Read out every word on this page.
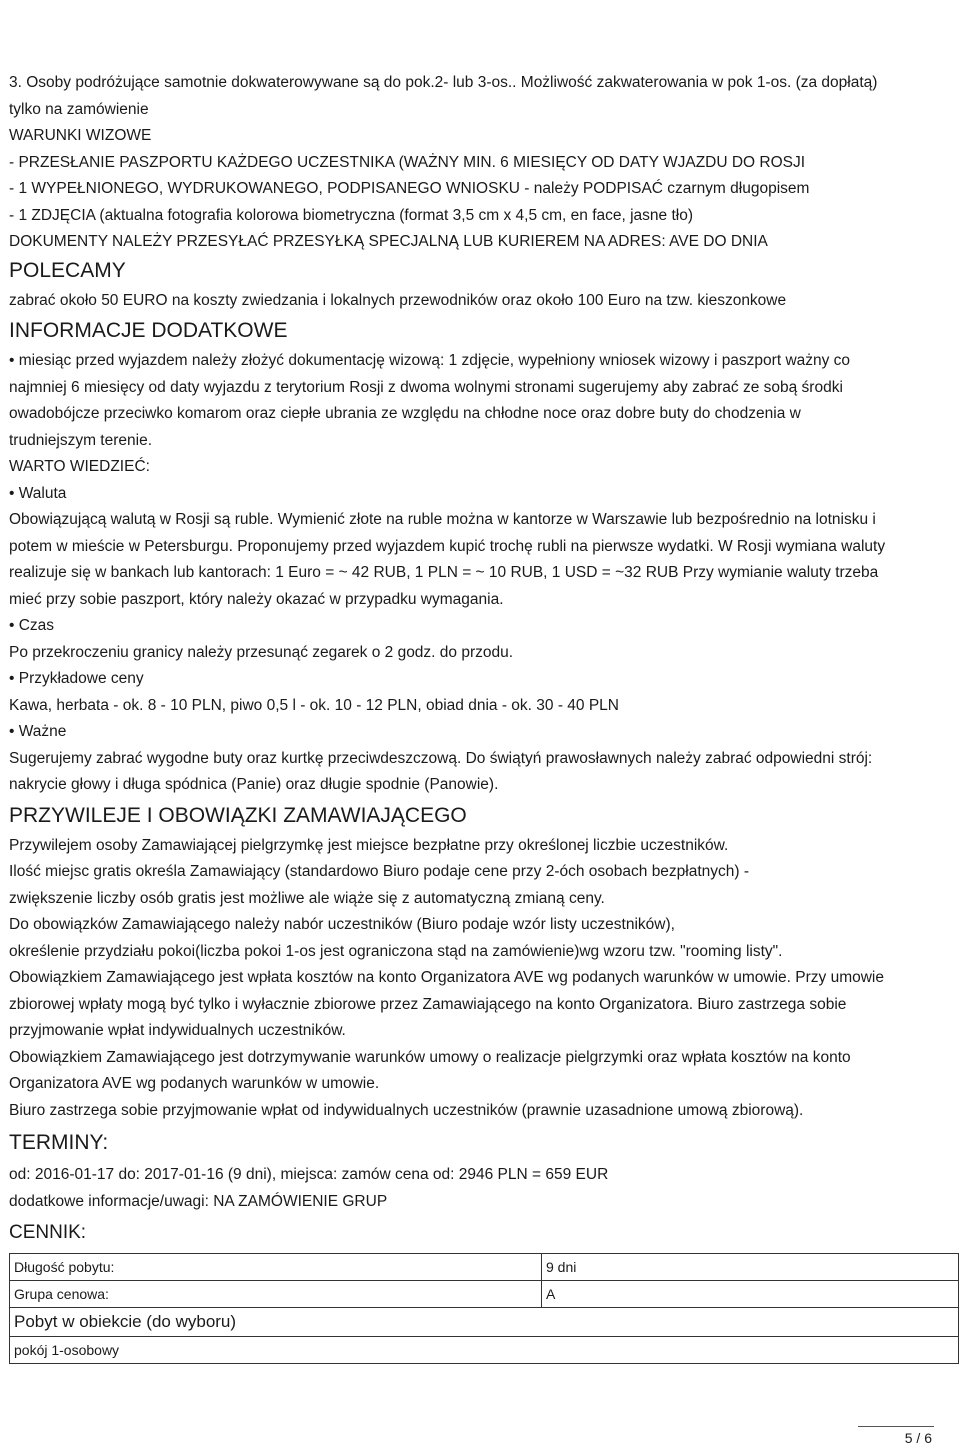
3. Osoby podróżujące samotnie dokwaterowywane są do pok.2- lub 3-os.. Możliwość zakwaterowania w pok 1-os. (za dopłatą)

tylko na zamówienie

WARUNKI WIZOWE

- PRZESŁANIE PASZPORTU KAŻDEGO UCZESTNIKA (WAŻNY MIN. 6 MIESIĘCY OD DATY WJAZDU DO ROSJI

- 1 WYPEŁNIONEGO, WYDRUKOWANEGO, PODPISANEGO WNIOSKU - należy PODPISAĆ czarnym długopisem

- 1 ZDJĘCIA (aktualna fotografia kolorowa biometryczna (format 3,5 cm x 4,5 cm, en face, jasne tło)

DOKUMENTY NALEŻY PRZESYŁAĆ PRZESYŁKĄ SPECJALNĄ LUB KURIEREM NA ADRES: AVE DO DNIA

POLECAMY

zabrać około 50 EURO na koszty zwiedzania i lokalnych przewodników oraz około 100 Euro na tzw. kieszonkowe

INFORMACJE DODATKOWE

• miesiąc przed wyjazdem należy złożyć dokumentację wizową: 1 zdjęcie, wypełniony wniosek wizowy i paszport ważny co

najmniej 6 miesięcy od daty wyjazdu z terytorium Rosji z dwoma wolnymi stronami sugerujemy aby zabrać ze sobą środki

owadobójcze przeciwko komarom oraz ciepłe ubrania ze względu na chłodne noce oraz dobre buty do chodzenia w

trudniejszym terenie.

WARTO WIEDZIEĆ:

• Waluta

Obowiązującą walutą w Rosji są ruble. Wymienić złote na ruble można w kantorze w Warszawie lub bezpośrednio na lotnisku i

potem w mieście w Petersburgu. Proponujemy przed wyjazdem kupić trochę rubli na pierwsze wydatki. W Rosji wymiana waluty

realizuje się w bankach lub kantorach: 1 Euro = ~ 42 RUB, 1 PLN = ~ 10 RUB, 1 USD = ~32 RUB Przy wymianie waluty trzeba

mieć przy sobie paszport, który należy okazać w przypadku wymagania.

• Czas

Po przekroczeniu granicy należy przesunąć zegarek o 2 godz. do przodu.

• Przykładowe ceny

Kawa, herbata - ok. 8 - 10 PLN, piwo 0,5 l - ok. 10 - 12 PLN, obiad dnia - ok. 30 - 40 PLN

• Ważne

Sugerujemy zabrać wygodne buty oraz kurtkę przeciwdeszczową. Do świątyń prawosławnych należy zabrać odpowiedni strój:

nakrycie głowy i długa spódnica (Panie) oraz długie spodnie (Panowie).

PRZYWILEJE I OBOWIĄZKI ZAMAWIAJĄCEGO

Przywilejem osoby Zamawiającej pielgrzymkę jest miejsce bezpłatne przy określonej liczbie uczestników.

Ilość miejsc gratis określa Zamawiający (standardowo Biuro podaje cene przy 2-óch osobach bezpłatnych) -

zwiększenie liczby osób gratis jest możliwe ale wiąże się z automatyczną zmianą ceny.

Do obowiązków Zamawiającego należy nabór uczestników (Biuro podaje wzór listy uczestników),

określenie przydziału pokoi(liczba pokoi 1-os jest ograniczona stąd na zamówienie)wg wzoru tzw. "rooming listy".

Obowiązkiem Zamawiającego jest wpłata kosztów na konto Organizatora AVE wg podanych warunków w umowie. Przy umowie

zbiorowej wpłaty mogą być tylko i wyłacznie zbiorowe przez Zamawiającego na konto Organizatora. Biuro zastrzega sobie

przyjmowanie wpłat indywidualnych uczestników.

Obowiązkiem Zamawiającego jest dotrzymywanie warunków umowy o realizacje pielgrzymki oraz wpłata kosztów na konto

Organizatora AVE wg podanych warunków w umowie.

Biuro zastrzega sobie przyjmowanie wpłat od indywidualnych uczestników (prawnie uzasadnione umową zbiorową).

TERMINY:

od: 2016-01-17 do: 2017-01-16 (9 dni), miejsca: zamów cena od: 2946 PLN = 659 EUR

dodatkowe informacje/uwagi: NA ZAMÓWIENIE GRUP

CENNIK:
Długość pobytu:	9 dni
Grupa cenowa:	A
Pobyt w obiekcie (do wyboru)	
pokój 1-osobowy	
5 / 6
